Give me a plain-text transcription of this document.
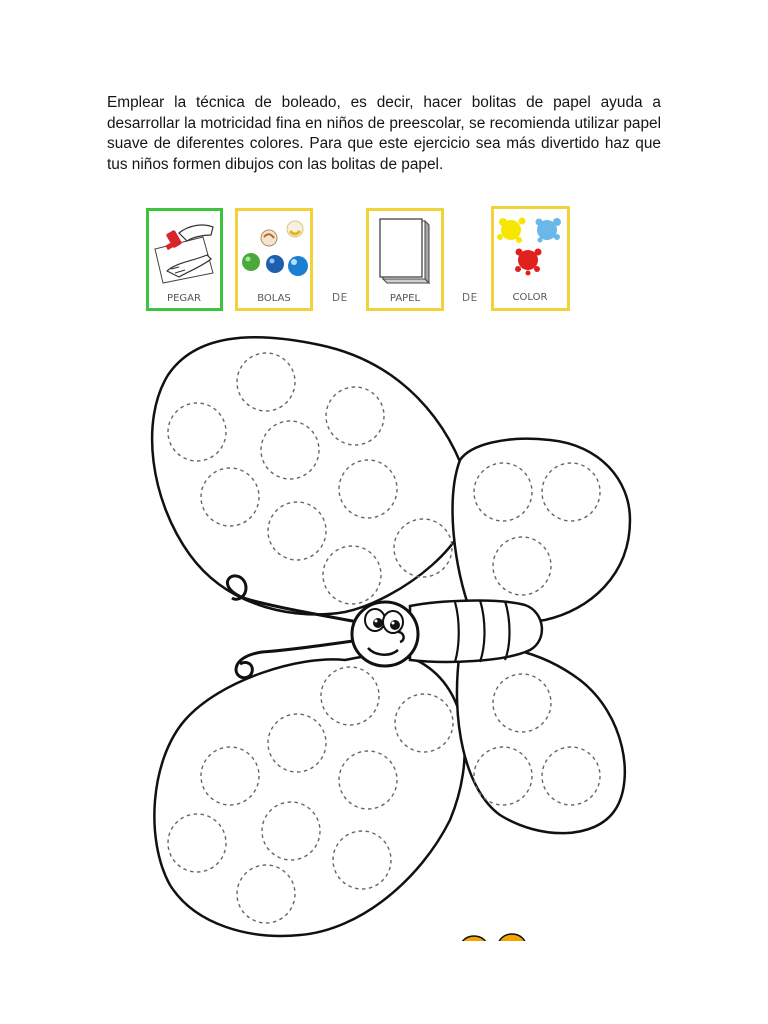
Emplear la técnica de boleado, es decir, hacer bolitas de papel ayuda a desarrollar la motricidad fina en niños de preescolar, se recomienda utilizar papel suave de diferentes colores. Para que este ejercicio sea más divertido haz que tus niños formen dibujos con las bolitas de papel.
PEGAR	BOLAS	DE	PAPEL	DE	COLOR
